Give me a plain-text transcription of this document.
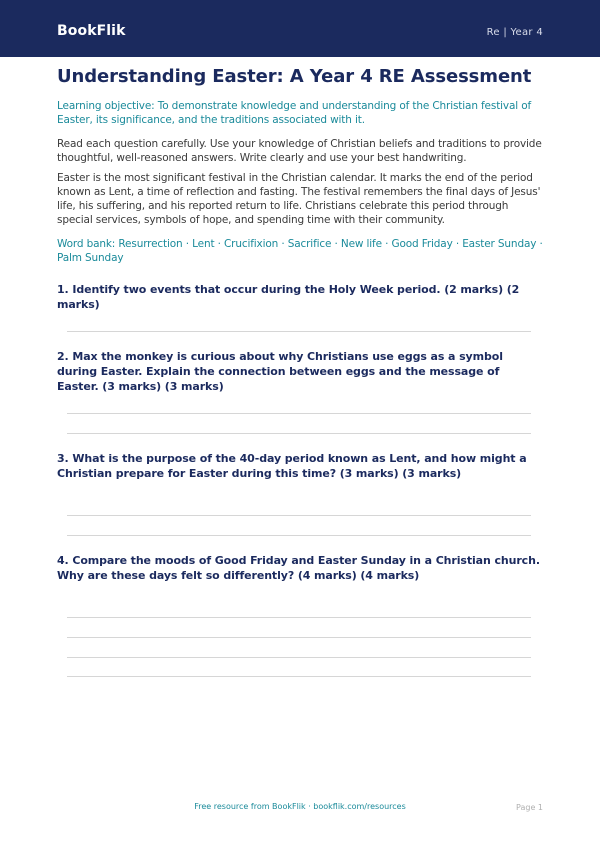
BookFlik	Re | Year 4
Understanding Easter: A Year 4 RE Assessment
Learning objective: To demonstrate knowledge and understanding of the Christian festival of Easter, its significance, and the traditions associated with it.
Read each question carefully. Use your knowledge of Christian beliefs and traditions to provide thoughtful, well-reasoned answers. Write clearly and use your best handwriting.
Easter is the most significant festival in the Christian calendar. It marks the end of the period known as Lent, a time of reflection and fasting. The festival remembers the final days of Jesus' life, his suffering, and his reported return to life. Christians celebrate this period through special services, symbols of hope, and spending time with their community.
Word bank: Resurrection · Lent · Crucifixion · Sacrifice · New life · Good Friday · Easter Sunday · Palm Sunday
1. Identify two events that occur during the Holy Week period. (2 marks) (2 marks)
2. Max the monkey is curious about why Christians use eggs as a symbol during Easter. Explain the connection between eggs and the message of Easter. (3 marks) (3 marks)
3. What is the purpose of the 40-day period known as Lent, and how might a Christian prepare for Easter during this time? (3 marks) (3 marks)
4. Compare the moods of Good Friday and Easter Sunday in a Christian church. Why are these days felt so differently? (4 marks) (4 marks)
Free resource from BookFlik · bookflik.com/resources	Page 1
